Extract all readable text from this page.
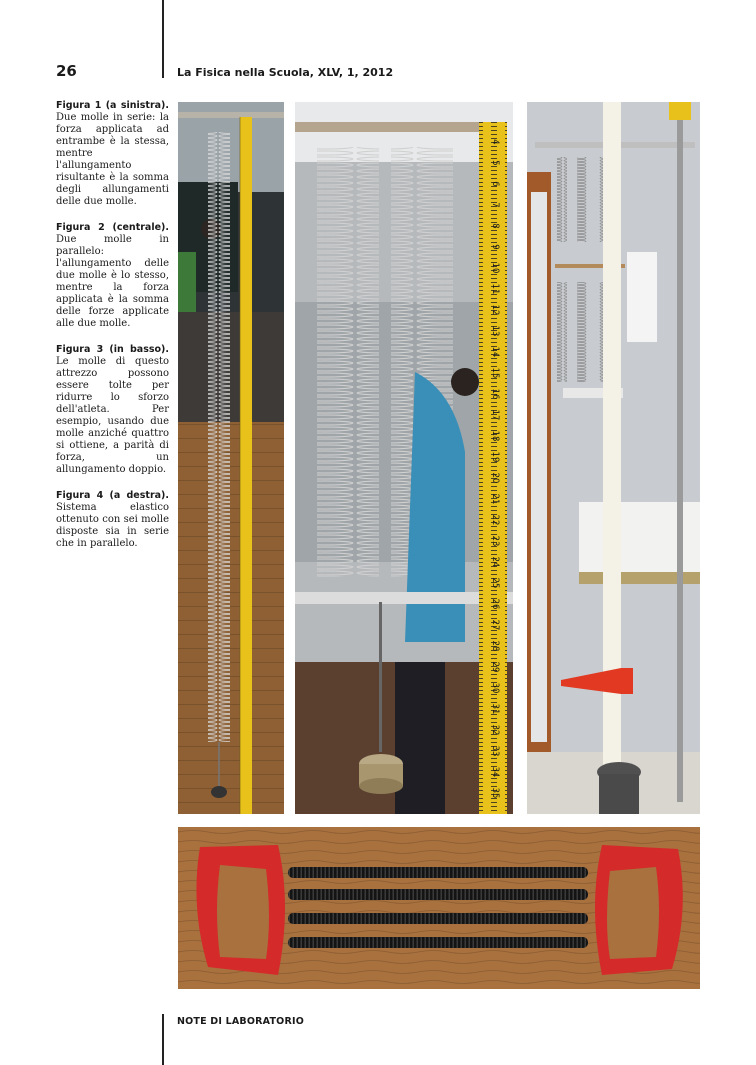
26	La Fisica nella Scuola, XLV, 1, 2012

Figura 1 (a sinistra). Due molle in serie: la forza applicata ad entrambe è la stessa, mentre l'allungamento risultante è la somma degli allungamenti delle due molle.

Figura 2 (centrale). Due molle in parallelo: l'allungamento delle due molle è lo stesso, mentre la forza applicata è la somma delle forze applicate alle due molle.

Figura 3 (in basso). Le molle di questo attrezzo possono essere tolte per ridurre lo sforzo dell'atleta. Per esempio, usando due molle anziché quattro si ottiene, a parità di forza, un allungamento doppio.

Figura 4 (a destra). Sistema elastico ottenuto con sei molle disposte sia in serie che in parallelo.

4
5
6
7
8
9
10
11
12
13
14
15
16
17
18
19
20
21
22
23
24
25
26
27
28
29
30
31
32
33
34
35
NOTE DI LABORATORIO
